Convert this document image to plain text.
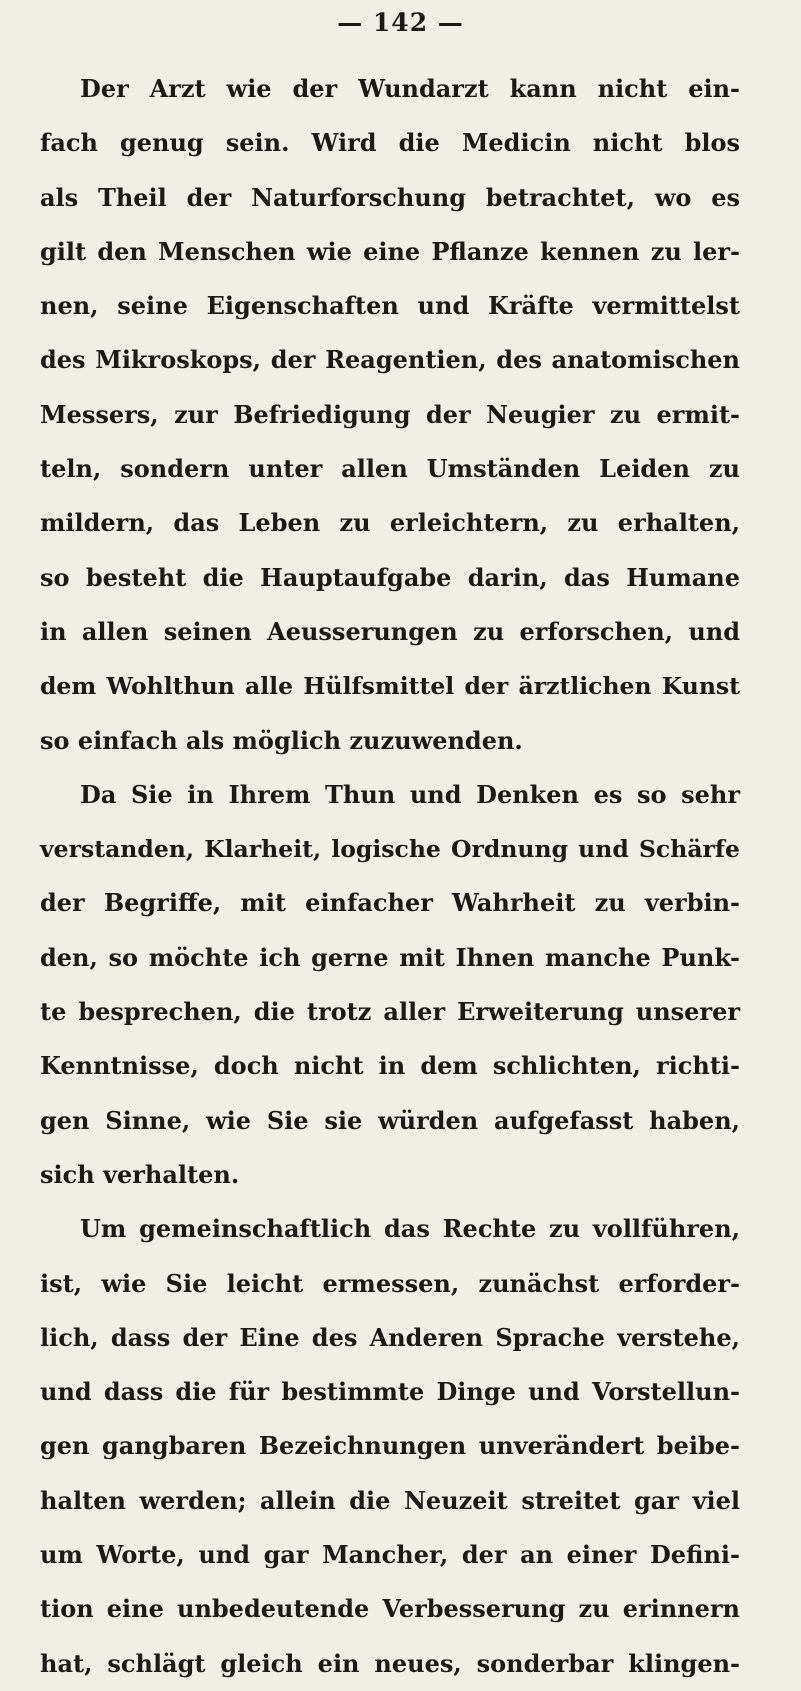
— 142 —
Der Arzt wie der Wundarzt kann nicht ein-
fach genug sein. Wird die Medicin nicht blos
als Theil der Naturforschung betrachtet, wo es
gilt den Menschen wie eine Pflanze kennen zu ler-
nen, seine Eigenschaften und Kräfte vermittelst
des Mikroskops, der Reagentien, des anatomischen
Messers, zur Befriedigung der Neugier zu ermit-
teln, sondern unter allen Umständen Leiden zu
mildern, das Leben zu erleichtern, zu erhalten,
so besteht die Hauptaufgabe darin, das Humane
in allen seinen Aeusserungen zu erforschen, und
dem Wohlthun alle Hülfsmittel der ärztlichen Kunst
so einfach als möglich zuzuwenden.
Da Sie in Ihrem Thun und Denken es so sehr
verstanden, Klarheit, logische Ordnung und Schärfe
der Begriffe, mit einfacher Wahrheit zu verbin-
den, so möchte ich gerne mit Ihnen manche Punk-
te besprechen, die trotz aller Erweiterung unserer
Kenntnisse, doch nicht in dem schlichten, richti-
gen Sinne, wie Sie sie würden aufgefasst haben,
sich verhalten.
Um gemeinschaftlich das Rechte zu vollführen,
ist, wie Sie leicht ermessen, zunächst erforder-
lich, dass der Eine des Anderen Sprache verstehe,
und dass die für bestimmte Dinge und Vorstellun-
gen gangbaren Bezeichnungen unverändert beibe-
halten werden; allein die Neuzeit streitet gar viel
um Worte, und gar Mancher, der an einer Defini-
tion eine unbedeutende Verbesserung zu erinnern
hat, schlägt gleich ein neues, sonderbar klingen-
